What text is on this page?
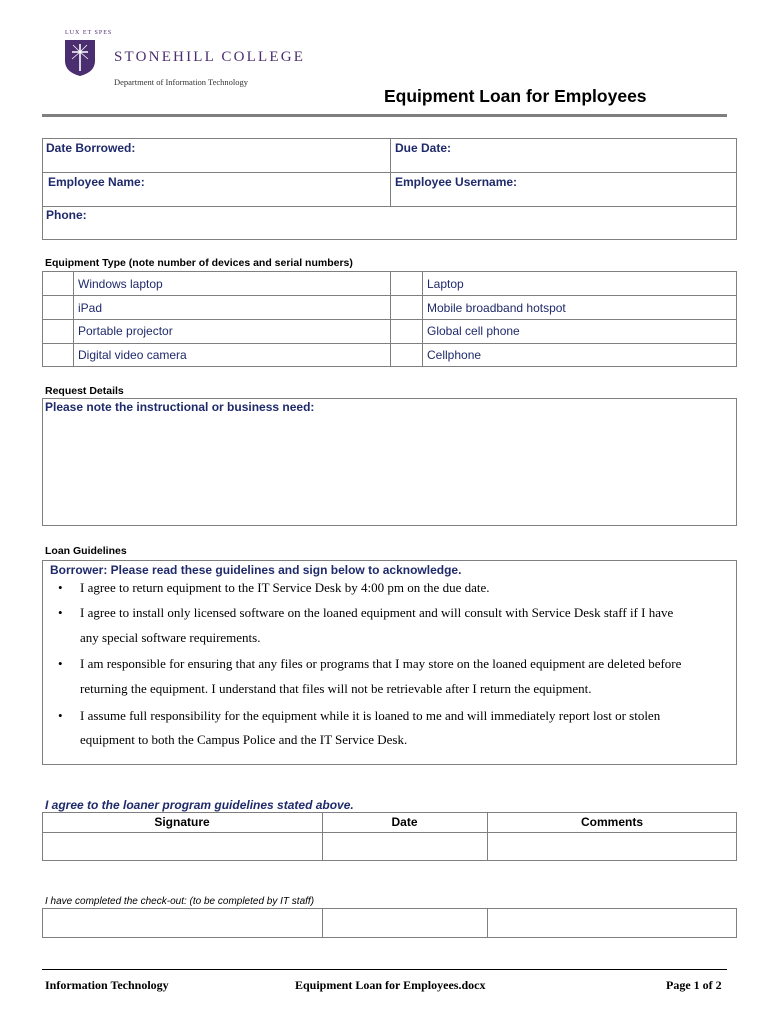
LUX ET SPES
STONEHILL COLLEGE
Department of Information Technology
Equipment Loan for Employees
Date Borrowed:	Due Date:
Employee Name:	Employee Username:
Phone:
Equipment Type (note number of devices and serial numbers)
Windows laptop	Laptop
iPad	Mobile broadband hotspot
Portable projector	Global cell phone
Digital video camera	Cellphone
Request Details
Please note the instructional or business need:
Loan Guidelines
Borrower: Please read these guidelines and sign below to acknowledge.
• I agree to return equipment to the IT Service Desk by 4:00 pm on the due date.
• I agree to install only licensed software on the loaned equipment and will consult with Service Desk staff if I have
any special software requirements.
• I am responsible for ensuring that any files or programs that I may store on the loaned equipment are deleted before
returning the equipment. I understand that files will not be retrievable after I return the equipment.
• I assume full responsibility for the equipment while it is loaned to me and will immediately report lost or stolen
equipment to both the Campus Police and the IT Service Desk.
I agree to the loaner program guidelines stated above.
Signature	Date	Comments
I have completed the check-out: (to be completed by IT staff)
Information Technology	Equipment Loan for Employees.docx	Page 1 of 2
